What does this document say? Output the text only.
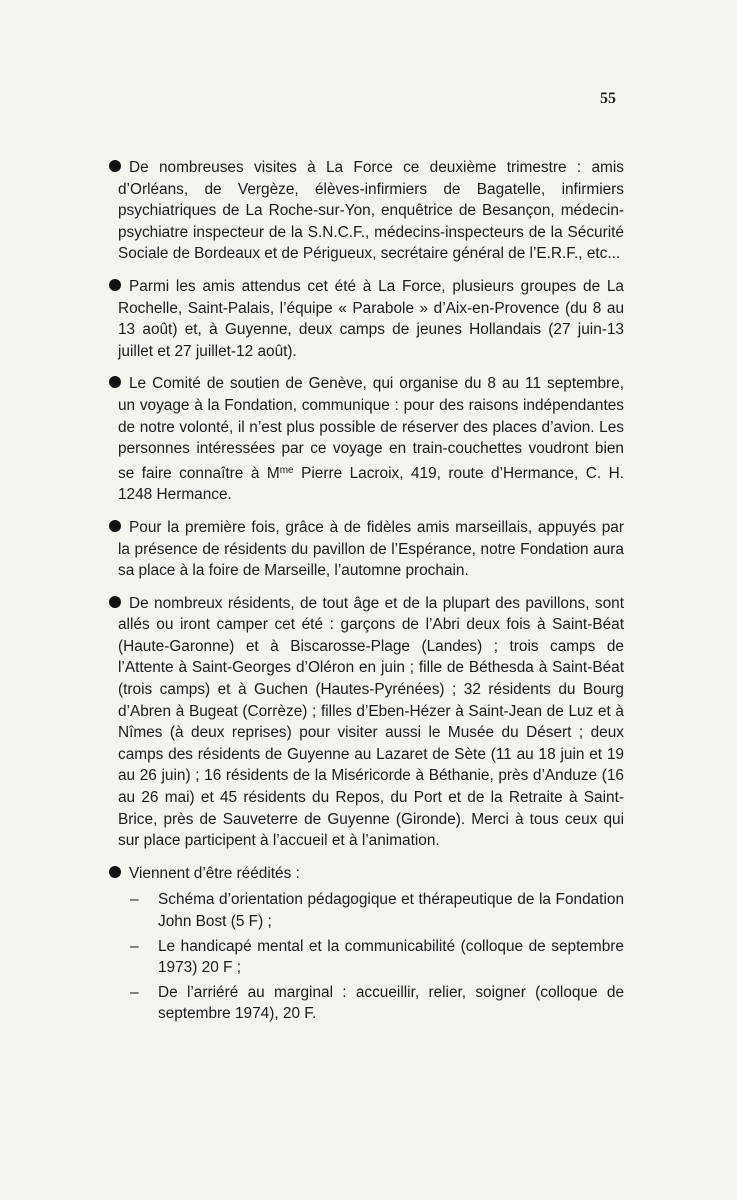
55

De nombreuses visites à La Force ce deuxième trimestre : amis d’Orléans, de Vergèze, élèves-infirmiers de Bagatelle, infirmiers psychiatriques de La Roche-sur-Yon, enquêtrice de Besançon, médecin-psychiatre inspecteur de la S.N.C.F., médecins-inspecteurs de la Sécurité Sociale de Bordeaux et de Périgueux, secrétaire général de l’E.R.F., etc...

Parmi les amis attendus cet été à La Force, plusieurs groupes de La Rochelle, Saint-Palais, l’équipe « Parabole » d’Aix-en-Provence (du 8 au 13 août) et, à Guyenne, deux camps de jeunes Hollandais (27 juin-13 juillet et 27 juillet-12 août).

Le Comité de soutien de Genève, qui organise du 8 au 11 septembre, un voyage à la Fondation, communique : pour des raisons indépendantes de notre volonté, il n’est plus possible de réserver des places d’avion. Les personnes intéressées par ce voyage en train-couchettes voudront bien se faire connaître à $M^{me}$ Pierre Lacroix, 419, route d’Hermance, C. H. 1248 Hermance.

Pour la première fois, grâce à de fidèles amis marseillais, appuyés par la présence de résidents du pavillon de l’Espérance, notre Fondation aura sa place à la foire de Marseille, l’automne prochain.

De nombreux résidents, de tout âge et de la plupart des pavillons, sont allés ou iront camper cet été : garçons de l’Abri deux fois à Saint-Béat (Haute-Garonne) et à Biscarosse-Plage (Landes) ; trois camps de l’Attente à Saint-Georges d’Oléron en juin ; fille de Béthesda à Saint-Béat (trois camps) et à Guchen (Hautes-Pyrénées) ; 32 résidents du Bourg d’Abren à Bugeat (Corrèze) ; filles d’Eben-Hézer à Saint-Jean de Luz et à Nîmes (à deux reprises) pour visiter aussi le Musée du Désert ; deux camps des résidents de Guyenne au Lazaret de Sète (11 au 18 juin et 19 au 26 juin) ; 16 résidents de la Miséricorde à Béthanie, près d’Anduze (16 au 26 mai) et 45 résidents du Repos, du Port et de la Retraite à Saint-Brice, près de Sauveterre de Guyenne (Gironde). Merci à tous ceux qui sur place participent à l’accueil et à l’animation.

Viennent d’être réédités :

– Schéma d’orientation pédagogique et thérapeutique de la Fondation John Bost (5 F) ;
– Le handicapé mental et la communicabilité (colloque de septembre 1973) 20 F ;
– De l’arriéré au marginal : accueillir, relier, soigner (colloque de septembre 1974), 20 F.
